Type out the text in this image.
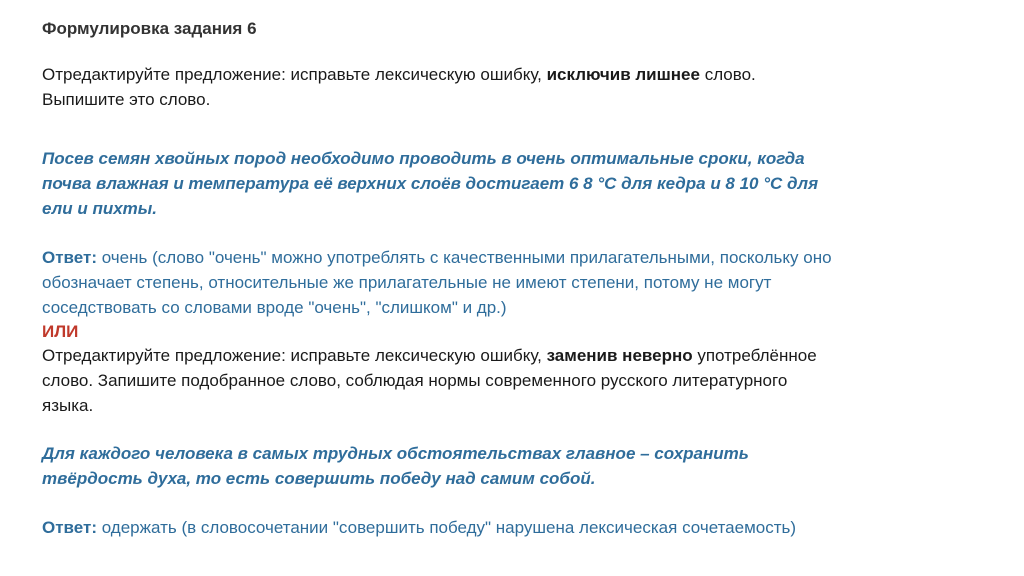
Формулировка задания 6
Отредактируйте предложение: исправьте лексическую ошибку, исключив лишнее слово.
Выпишите это слово.
Посев семян хвойных пород необходимо проводить в очень оптимальные сроки, когда
почва влажная и температура её верхних слоёв достигает 6 8 °С для кедра и 8 10 °С для
ели и пихты.
Ответ: очень (слово "очень" можно употреблять с качественными прилагательными, поскольку оно
обозначает степень, относительные же прилагательные не имеют степени, потому не могут
соседствовать со словами вроде "очень", "слишком" и др.)
ИЛИ
Отредактируйте предложение: исправьте лексическую ошибку, заменив неверно употреблённое
слово. Запишите подобранное слово, соблюдая нормы современного русского литературного
языка.
Для каждого человека в самых трудных обстоятельствах главное – сохранить
твёрдость духа, то есть совершить победу над самим собой.
Ответ: одержать (в словосочетании "совершить победу" нарушена лексическая сочетаемость)
